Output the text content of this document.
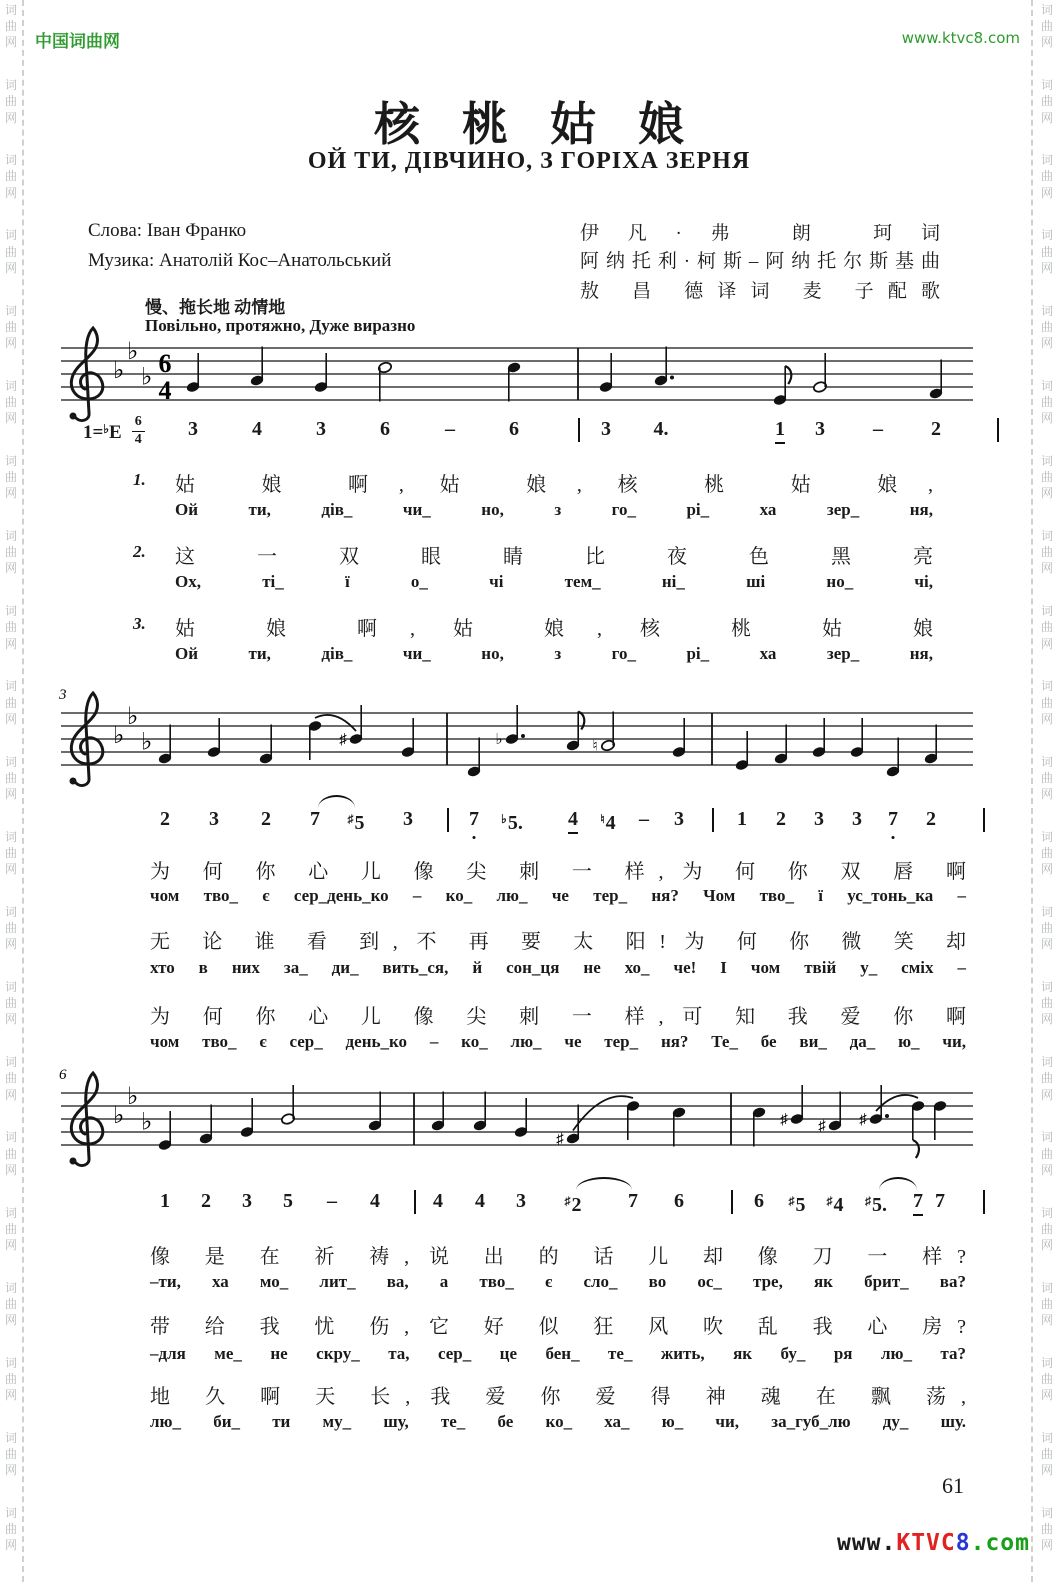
词
曲
网
词
曲
网
词
曲
网
词
曲
网
词
曲
网
词
曲
网
词
曲
网
词
曲
网
词
曲
网
词
曲
网
词
曲
网
词
曲
网
词
曲
网
词
曲
网
词
曲
网
词
曲
网
词
曲
网
词
曲
网
词
曲
网
词
曲
网
词
曲
网
词
曲
网
词
曲
网
词
曲
网
词
曲
网
词
曲
网
词
曲
网
词
曲
网
词
曲
网
词
曲
网
词
曲
网
词
曲
网
词
曲
网
词
曲
网
词
曲
网
词
曲
网
词
曲
网
词
曲
网
词
曲
网
词
曲
网
词
曲
网
词
曲
网
中国词曲网	www.ktvc8.com
核桃姑娘
ОЙ ТИ, ДІВЧИНО, З ГОРІХА ЗЕРНЯ
Слова: Іван Франко
Музика: Анатолій Кос–Анатольський
伊凡·弗 朗 珂词
阿纳托利·柯斯–阿纳托尔斯基曲
敖 昌 德译词 麦 子配歌
慢、拖长地 动情地
Повільно, протяжно, Дуже виразно
♭
♭
♭ 6
4
♭
♭
♭
3
♯	♭	♮
♭
♭
♭
6
♯
♯ ♯ ♯
$1=^♭E \frac{6}{4} 3$	4	3	6	–	6	3 4.	1 3 – 2
2 3 2 7 ♯5 3	7 ♭5. 4 ♮4 – 3	1 2 3 3 7 2
1 2 3 5 – 4	4 4 3	♯2 7 6	6 ♯5 ♯4 ♯5. 7 7
1.
2.
3.
姑 娘 啊, 姑 娘, 核 桃 姑 娘,
Ой ти, дів_ чи_ но, з го_ рі_ ха зер_ ня,
这 一 双 眼 睛 比 夜 色 黑 亮
Ох, ті_ ї о_ чі тем_ ні_ ші но_ чі,
姑 娘 啊, 姑 娘, 核 桃 姑 娘
Ой ти, дів_ чи_ но, з го_ рі_ ха зер_ ня,
为 何 你 心 儿 像 尖 刺 一 样, 为 何 你 双 唇 啊
чом тво_ є сер_день_ко – ко_ лю_ че тер_ ня? Чом тво_ ї ус_тонь_ка –
无 论 谁 看 到, 不 再 要 太 阳! 为 何 你 微 笑 却
хто в них за_ ди_ вить_ся, й сон_ця не хо_ че! І чом твій у_ сміх –
为 何 你 心 儿 像 尖 刺 一 样, 可 知 我 爱 你 啊
чом тво_ є сер_ день_ко – ко_ лю_ че тер_ ня? Те_ бе ви_ да_ ю_ чи,
像 是 在 祈 祷, 说 出 的 话 儿 却 像 刀 一 样?
–ти, ха мо_ лит_ ва, а тво_ є сло_ во ос_ тре, як брит_ ва?
带 给 我 忧 伤, 它 好 似 狂 风 吹 乱 我 心 房?
–для ме_ не скру_ та, сер_ це бен_ те_ жить, як бу_ ря лю_ та?
地 久 啊 天 长, 我 爱 你 爱 得 神 魂 在 飘 荡,
лю_ би_ ти му_ шу, те_ бе ко_ ха_ ю_ чи, за_губ_лю ду_ шу.
61
www.KTVC8.com
